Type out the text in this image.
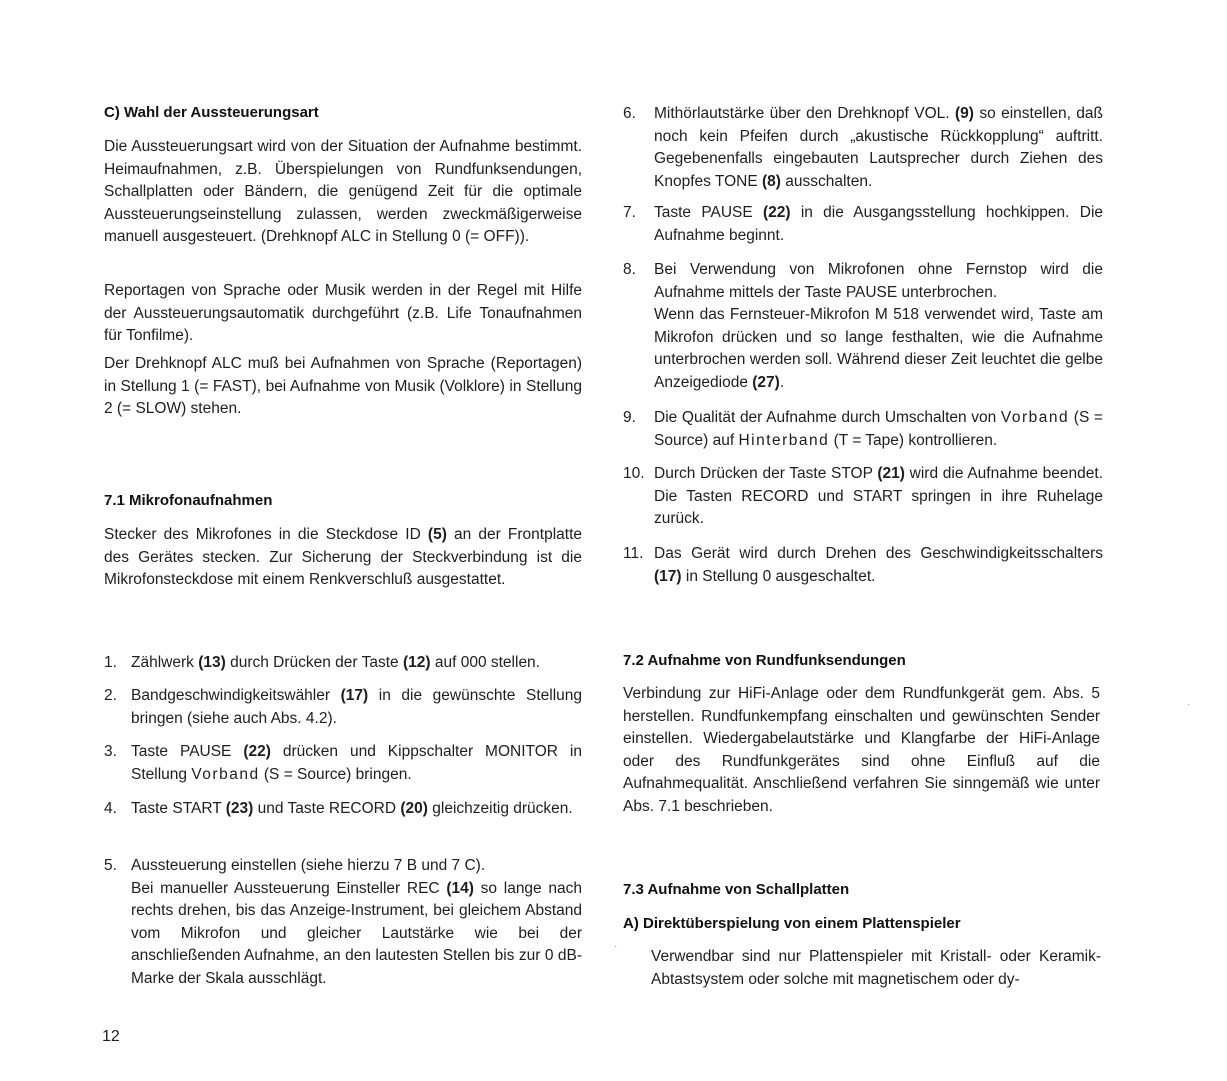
C) Wahl der Aussteuerungsart

Die Aussteuerungsart wird von der Situation der Aufnahme bestimmt. Heimaufnahmen, z.B. Überspielungen von Rundfunksendungen, Schallplatten oder Bändern, die genügend Zeit für die optimale Aussteuerungseinstellung zulassen, werden zweckmäßigerweise manuell ausgesteuert. (Drehknopf ALC in Stellung 0 (= OFF)).

Reportagen von Sprache oder Musik werden in der Regel mit Hilfe der Aussteuerungsautomatik durchgeführt (z.B. Life Tonaufnahmen für Tonfilme).

Der Drehknopf ALC muß bei Aufnahmen von Sprache (Reportagen) in Stellung 1 (= FAST), bei Aufnahme von Musik (Volklore) in Stellung 2 (= SLOW) stehen.

7.1 Mikrofonaufnahmen

Stecker des Mikrofones in die Steckdose ID (5) an der Frontplatte des Gerätes stecken. Zur Sicherung der Steckverbindung ist die Mikrofonsteckdose mit einem Renkverschluß ausgestattet.

1. Zählwerk (13) durch Drücken der Taste (12) auf 000 stellen.

2. Bandgeschwindigkeitswähler (17) in die gewünschte Stellung bringen (siehe auch Abs. 4.2).

3. Taste PAUSE (22) drücken und Kippschalter MONITOR in Stellung Vorband (S = Source) bringen.

4. Taste START (23) und Taste RECORD (20) gleichzeitig drücken.

5. Aussteuerung einstellen (siehe hierzu 7 B und 7 C).

Bei manueller Aussteuerung Einsteller REC (14) so lange nach rechts drehen, bis das Anzeige-Instrument, bei gleichem Abstand vom Mikrofon und gleicher Lautstärke wie bei der anschließenden Aufnahme, an den lautesten Stellen bis zur 0 dB-Marke der Skala ausschlägt.

6. Mithörlautstärke über den Drehknopf VOL. (9) so einstellen, daß noch kein Pfeifen durch „akustische Rückkopplung“ auftritt. Gegebenenfalls eingebauten Lautsprecher durch Ziehen des Knopfes TONE (8) ausschalten.

7. Taste PAUSE (22) in die Ausgangsstellung hochkippen. Die Aufnahme beginnt.

8. Bei Verwendung von Mikrofonen ohne Fernstop wird die Aufnahme mittels der Taste PAUSE unterbrochen.

Wenn das Fernsteuer-Mikrofon M 518 verwendet wird, Taste am Mikrofon drücken und so lange festhalten, wie die Aufnahme unterbrochen werden soll. Während dieser Zeit leuchtet die gelbe Anzeigediode (27).

9. Die Qualität der Aufnahme durch Umschalten von Vorband (S = Source) auf Hinterband (T = Tape) kontrollieren.

10. Durch Drücken der Taste STOP (21) wird die Aufnahme beendet. Die Tasten RECORD und START springen in ihre Ruhelage zurück.

11. Das Gerät wird durch Drehen des Geschwindigkeitsschalters (17) in Stellung 0 ausgeschaltet.

7.2 Aufnahme von Rundfunksendungen

Verbindung zur HiFi-Anlage oder dem Rundfunkgerät gem. Abs. 5 herstellen. Rundfunkempfang einschalten und gewünschten Sender einstellen. Wiedergabelautstärke und Klangfarbe der HiFi-Anlage oder des Rundfunkgerätes sind ohne Einfluß auf die Aufnahmequalität. Anschließend verfahren Sie sinngemäß wie unter Abs. 7.1 beschrieben.

7.3 Aufnahme von Schallplatten
A) Direktüberspielung von einem Plattenspieler

Verwendbar sind nur Plattenspieler mit Kristall- oder Keramik-Abtastsystem oder solche mit magnetischem oder dy-

12

·
·
